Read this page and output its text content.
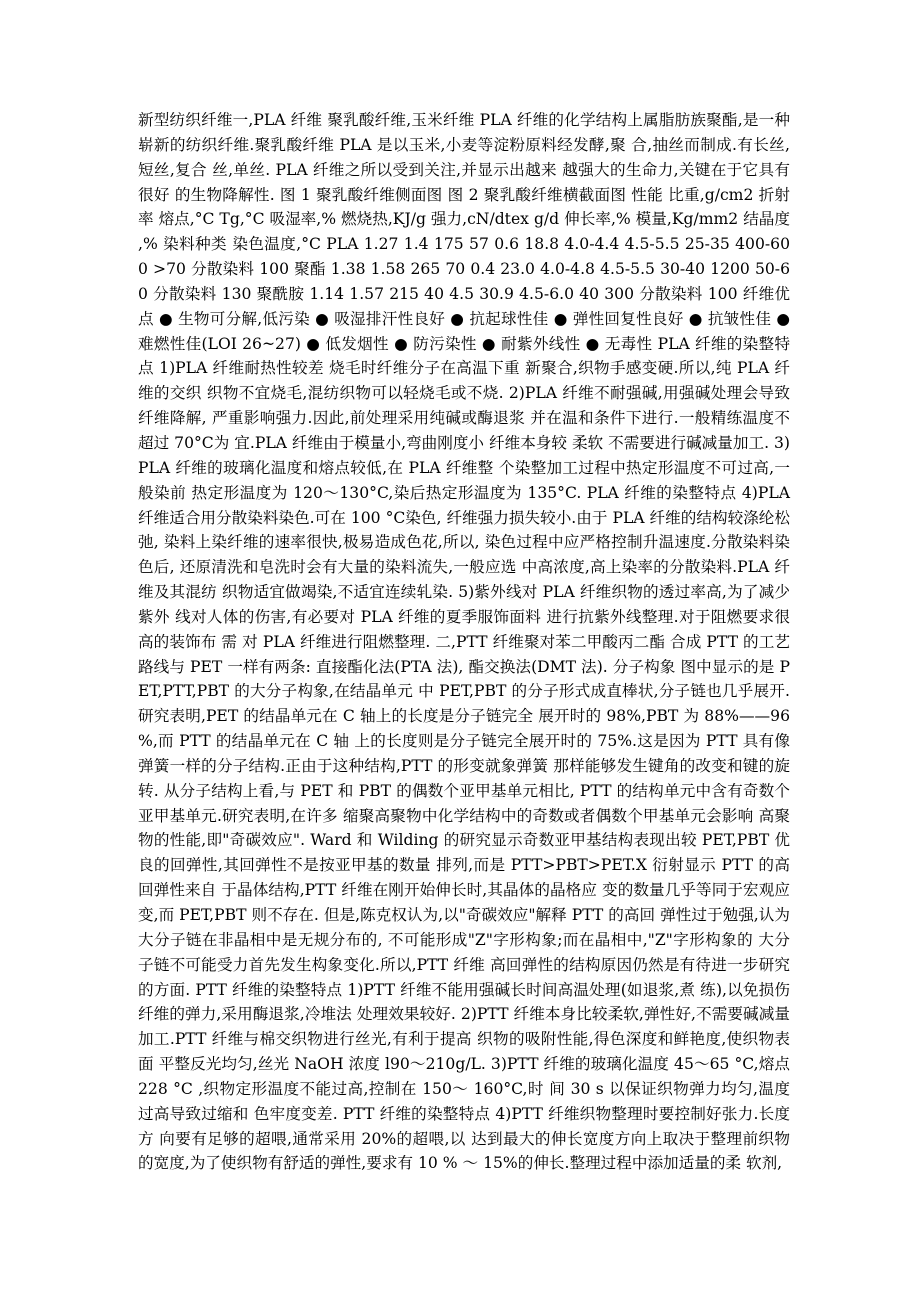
新型纺织纤维一,PLA 纤维 聚乳酸纤维,玉米纤维 PLA 纤维的化学结构上属脂肪族聚酯,是一种崭新的纺织纤维.聚乳酸纤维 PLA 是以玉米,小麦等淀粉原料经发酵,聚 合,抽丝而制成.有长丝,短丝,复合 丝,单丝. PLA 纤维之所以受到关注,并显示出越来 越强大的生命力,关键在于它具有很好 的生物降解性. 图 1 聚乳酸纤维侧面图 图 2 聚乳酸纤维横截面图 性能 比重,g/cm2 折射率 熔点,°C Tg,°C 吸湿率,% 燃烧热,KJ/g 强力,cN/dtex g/d 伸长率,% 模量,Kg/mm2 结晶度,% 染料种类 染色温度,°C PLA 1.27 1.4 175 57 0.6 18.8 4.0-4.4 4.5-5.5 25-35 400-600 >70 分散染料 100 聚酯 1.38 1.58 265 70 0.4 23.0 4.0-4.8 4.5-5.5 30-40 1200 50-60 分散染料 130 聚酰胺 1.14 1.57 215 40 4.5 30.9 4.5-6.0 40 300 分散染料 100 纤维优点 ● 生物可分解,低污染 ● 吸湿排汗性良好 ● 抗起球性佳 ● 弹性回复性良好 ● 抗皱性佳 ● 难燃性佳(LOI 26~27) ● 低发烟性 ● 防污染性 ● 耐紫外线性 ● 无毒性 PLA 纤维的染整特点 1)PLA 纤维耐热性较差 烧毛时纤维分子在高温下重 新聚合,织物手感变硬.所以,纯 PLA 纤维的交织 织物不宜烧毛,混纺织物可以轻烧毛或不烧. 2)PLA 纤维不耐强碱,用强碱处理会导致纤维降解, 严重影响强力.因此,前处理采用纯碱或酶退浆 并在温和条件下进行.一般精练温度不超过 70°C为 宜.PLA 纤维由于模量小,弯曲刚度小 纤维本身较 柔软 不需要进行碱减量加工. 3)PLA 纤维的玻璃化温度和熔点较低,在 PLA 纤维整 个染整加工过程中热定形温度不可过高,一般染前 热定形温度为 120～130°C,染后热定形温度为 135°C. PLA 纤维的染整特点 4)PLA 纤维适合用分散染料染色.可在 100 °C染色, 纤维强力损失较小.由于 PLA 纤维的结构较涤纶松弛, 染料上染纤维的速率很快,极易造成色花,所以, 染色过程中应严格控制升温速度.分散染料染色后, 还原清洗和皂洗时会有大量的染料流失,一般应选 中高浓度,高上染率的分散染料.PLA 纤维及其混纺 织物适宜做竭染,不适宜连续轧染. 5)紫外线对 PLA 纤维织物的透过率高,为了减少紫外 线对人体的伤害,有必要对 PLA 纤维的夏季服饰面料 进行抗紫外线整理.对于阻燃要求很高的装饰布 需 对 PLA 纤维进行阻燃整理. 二,PTT 纤维聚对苯二甲酸丙二酯 合成 PTT 的工艺路线与 PET 一样有两条: 直接酯化法(PTA 法), 酯交换法(DMT 法). 分子构象 图中显示的是 PET,PTT,PBT 的大分子构象,在结晶单元 中 PET,PBT 的分子形式成直棒状,分子链也几乎展开. 研究表明,PET 的结晶单元在 C 轴上的长度是分子链完全 展开时的 98%,PBT 为 88%——96%,而 PTT 的结晶单元在 C 轴 上的长度则是分子链完全展开时的 75%.这是因为 PTT 具有像 弹簧一样的分子结构.正由于这种结构,PTT 的形变就象弹簧 那样能够发生键角的改变和键的旋转. 从分子结构上看,与 PET 和 PBT 的偶数个亚甲基单元相比, PTT 的结构单元中含有奇数个亚甲基单元.研究表明,在许多 缩聚高聚物中化学结构中的奇数或者偶数个甲基单元会影响 高聚物的性能,即"奇碳效应". Ward 和 Wilding 的研究显示奇数亚甲基结构表现出较 PET,PBT 优良的回弹性,其回弹性不是按亚甲基的数量 排列,而是 PTT>PBT>PET.X 衍射显示 PTT 的高回弹性来自 于晶体结构,PTT 纤维在刚开始伸长时,其晶体的晶格应 变的数量几乎等同于宏观应变,而 PET,PBT 则不存在. 但是,陈克权认为,以"奇碳效应"解释 PTT 的高回 弹性过于勉强,认为大分子链在非晶相中是无规分布的, 不可能形成"Z"字形构象;而在晶相中,"Z"字形构象的 大分子链不可能受力首先发生构象变化.所以,PTT 纤维 高回弹性的结构原因仍然是有待进一步研究的方面. PTT 纤维的染整特点 1)PTT 纤维不能用强碱长时间高温处理(如退浆,煮 练),以免损伤纤维的弹力,采用酶退浆,冷堆法 处理效果较好. 2)PTT 纤维本身比较柔软,弹性好,不需要碱减量 加工.PTT 纤维与棉交织物进行丝光,有利于提高 织物的吸附性能,得色深度和鲜艳度,使织物表面 平整反光均匀,丝光 NaOH 浓度 l90～210g/L. 3)PTT 纤维的玻璃化温度 45～65 °C,熔点 228 °C ,织物定形温度不能过高,控制在 150～ 160°C,时 间 30 s 以保证织物弹力均匀,温度过高导致过缩和 色牢度变差. PTT 纤维的染整特点 4)PTT 纤维织物整理时要控制好张力.长度方 向要有足够的超喂,通常采用 20%的超喂,以 达到最大的伸长宽度方向上取决于整理前织物 的宽度,为了使织物有舒适的弹性,要求有 10 % ～ 15%的伸长.整理过程中添加适量的柔 软剂,
